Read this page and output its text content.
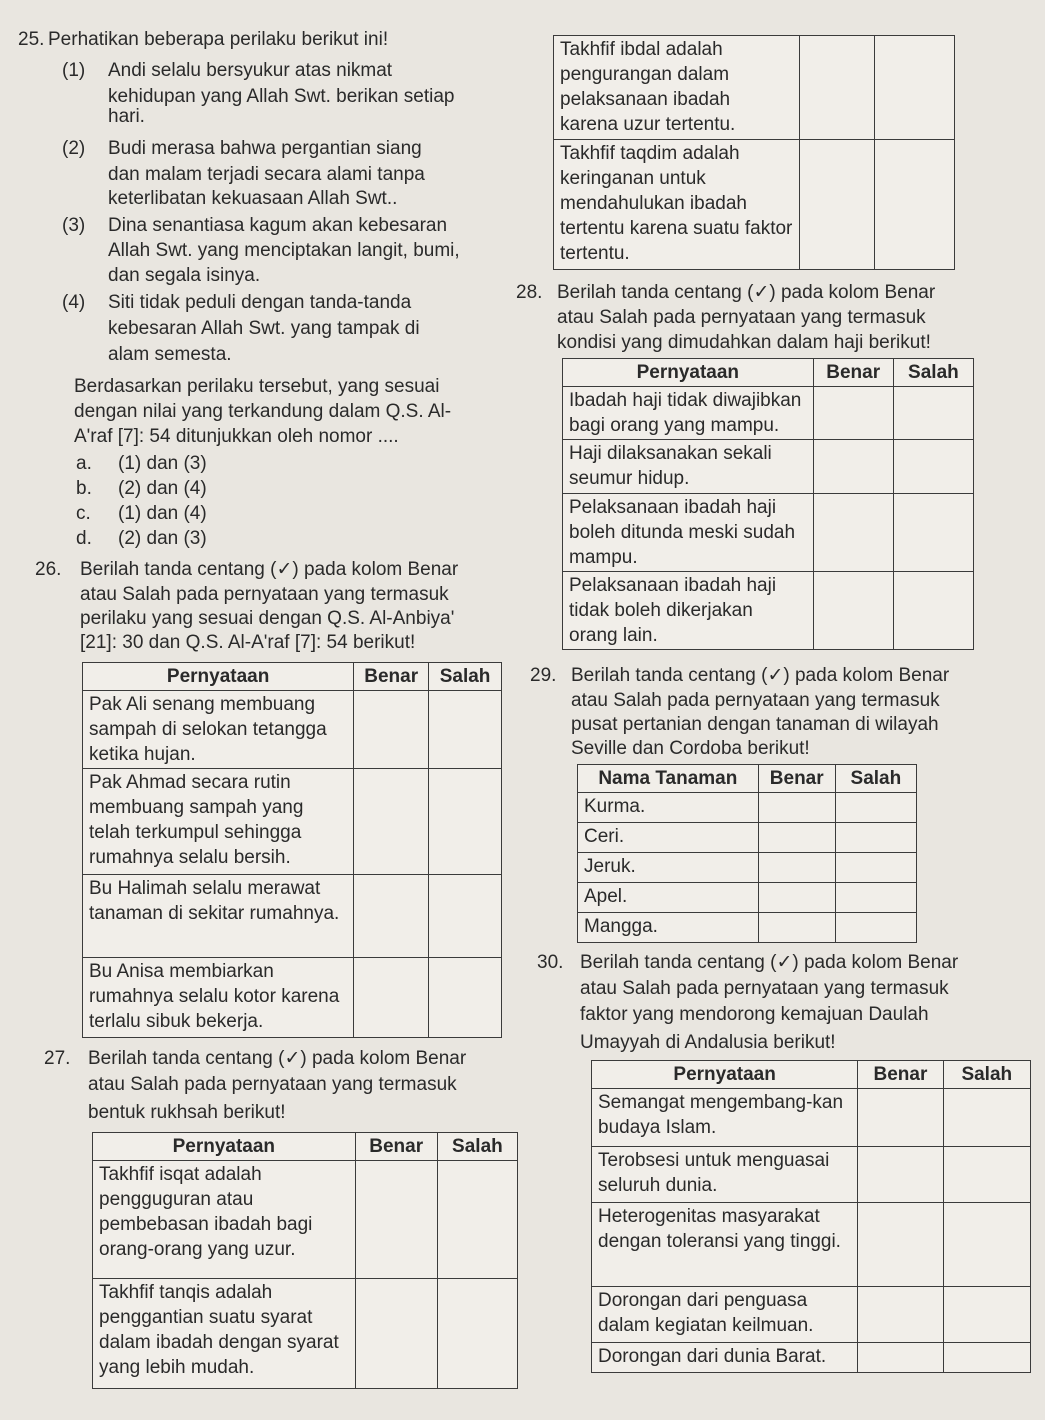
25. Perhatikan beberapa perilaku berikut ini!
(1) Andi selalu bersyukur atas nikmat
kehidupan yang Allah Swt. berikan setiap
hari.
(2) Budi merasa bahwa pergantian siang
dan malam terjadi secara alami tanpa
keterlibatan kekuasaan Allah Swt..
(3) Dina senantiasa kagum akan kebesaran
Allah Swt. yang menciptakan langit, bumi,
dan segala isinya.
(4) Siti tidak peduli dengan tanda-tanda
kebesaran Allah Swt. yang tampak di
alam semesta.
Berdasarkan perilaku tersebut, yang sesuai
dengan nilai yang terkandung dalam Q.S. Al-
A'raf [7]: 54 ditunjukkan oleh nomor ....
a. (1) dan (3)
b. (2) dan (4)
c. (1) dan (4)
d. (2) dan (3)
26. Berilah tanda centang (✓) pada kolom Benar
atau Salah pada pernyataan yang termasuk
perilaku yang sesuai dengan Q.S. Al-Anbiya'
[21]: 30 dan Q.S. Al-A'raf [7]: 54 berikut!
Pernyataan	Benar	Salah
Pak Ali senang membuang sampah di selokan tetangga ketika hujan.		
Pak Ahmad secara rutin membuang sampah yang telah terkumpul sehingga rumahnya selalu bersih.		
Bu Halimah selalu merawat tanaman di sekitar rumahnya.		
Bu Anisa membiarkan rumahnya selalu kotor karena terlalu sibuk bekerja.		
27. Berilah tanda centang (✓) pada kolom Benar
atau Salah pada pernyataan yang termasuk
bentuk rukhsah berikut!
Pernyataan	Benar	Salah
Takhfif isqat adalah pengguguran atau pembebasan ibadah bagi orang-orang yang uzur.		
Takhfif tanqis adalah penggantian suatu syarat dalam ibadah dengan syarat yang lebih mudah.		
Takhfif ibdal adalah pengurangan dalam pelaksanaan ibadah karena uzur tertentu.		
Takhfif taqdim adalah keringanan untuk mendahulukan ibadah tertentu karena suatu faktor tertentu.		
28. Berilah tanda centang (✓) pada kolom Benar
atau Salah pada pernyataan yang termasuk
kondisi yang dimudahkan dalam haji berikut!
Pernyataan	Benar	Salah
Ibadah haji tidak diwajibkan bagi orang yang mampu.		
Haji dilaksanakan sekali seumur hidup.		
Pelaksanaan ibadah haji boleh ditunda meski sudah mampu.		
Pelaksanaan ibadah haji tidak boleh dikerjakan orang lain.		
29. Berilah tanda centang (✓) pada kolom Benar
atau Salah pada pernyataan yang termasuk
pusat pertanian dengan tanaman di wilayah
Seville dan Cordoba berikut!
Nama Tanaman	Benar	Salah
Kurma.		
Ceri.		
Jeruk.		
Apel.		
Mangga.		
30. Berilah tanda centang (✓) pada kolom Benar
atau Salah pada pernyataan yang termasuk
faktor yang mendorong kemajuan Daulah
Umayyah di Andalusia berikut!
Pernyataan	Benar	Salah
Semangat mengembang-kan budaya Islam.		
Terobsesi untuk menguasai seluruh dunia.		
Heterogenitas masyarakat dengan toleransi yang tinggi.		
Dorongan dari penguasa dalam kegiatan keilmuan.		
Dorongan dari dunia Barat.		
